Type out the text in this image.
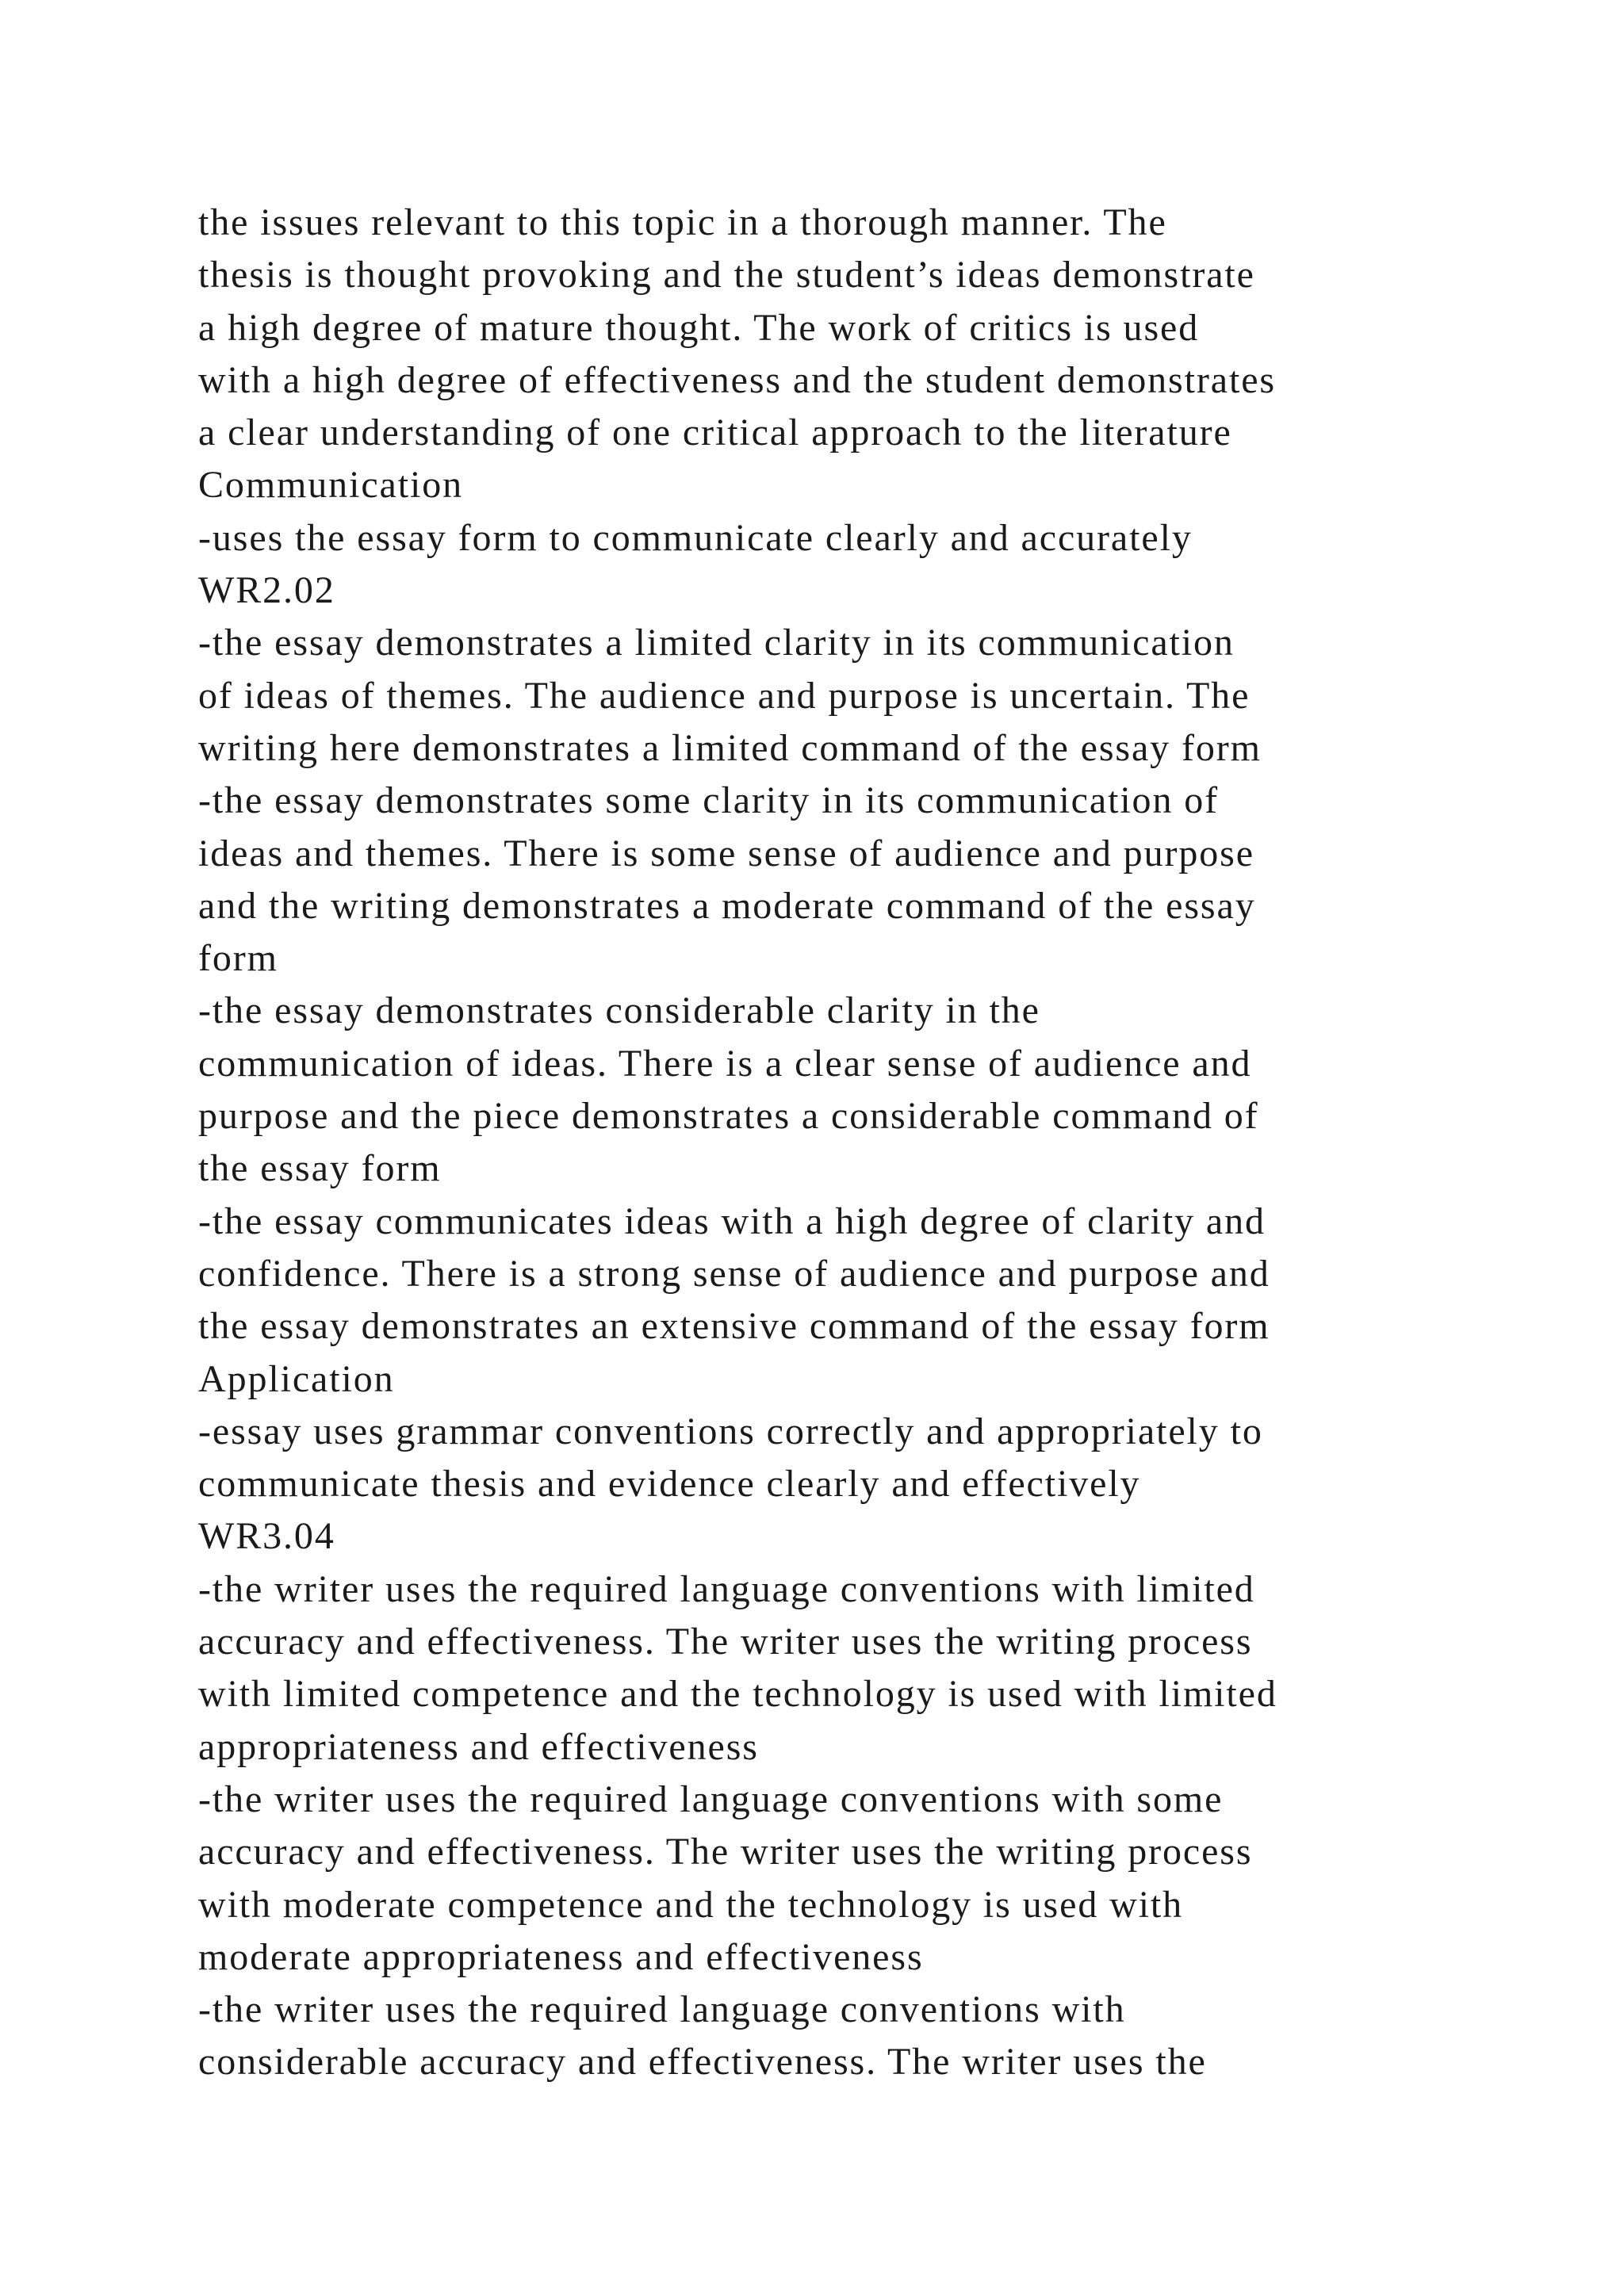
the issues relevant to this topic in a thorough manner. The
thesis is thought provoking and the student’s ideas demonstrate
a high degree of mature thought. The work of critics is used
with a high degree of effectiveness and the student demonstrates
a clear understanding of one critical approach to the literature
Communication
-uses the essay form to communicate clearly and accurately
WR2.02
-the essay demonstrates a limited clarity in its communication
of ideas of themes. The audience and purpose is uncertain. The
writing here demonstrates a limited command of the essay form
-the essay demonstrates some clarity in its communication of
ideas and themes. There is some sense of audience and purpose
and the writing demonstrates a moderate command of the essay
form
-the essay demonstrates considerable clarity in the
communication of ideas. There is a clear sense of audience and
purpose and the piece demonstrates a considerable command of
the essay form
-the essay communicates ideas with a high degree of clarity and
confidence. There is a strong sense of audience and purpose and
the essay demonstrates an extensive command of the essay form
Application
-essay uses grammar conventions correctly and appropriately to
communicate thesis and evidence clearly and effectively
WR3.04
-the writer uses the required language conventions with limited
accuracy and effectiveness. The writer uses the writing process
with limited competence and the technology is used with limited
appropriateness and effectiveness
-the writer uses the required language conventions with some
accuracy and effectiveness. The writer uses the writing process
with moderate competence and the technology is used with
moderate appropriateness and effectiveness
-the writer uses the required language conventions with
considerable accuracy and effectiveness. The writer uses the
